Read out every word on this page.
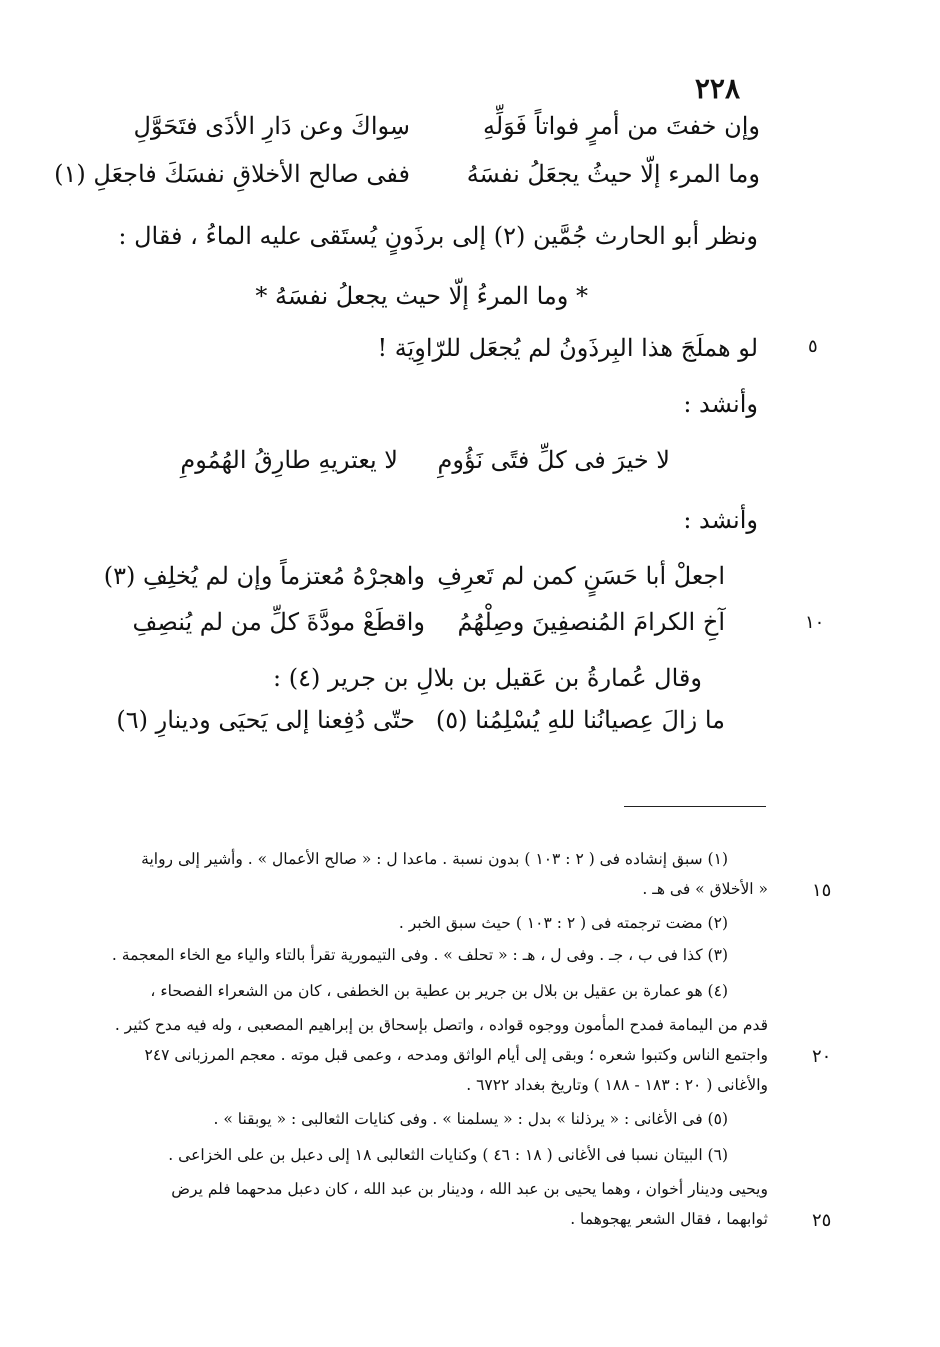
٢٢٨
وإن خفتَ من أمرٍ فواتاً فَوَلِّهِ
سِواكَ وعن دَارِ الأذَى فتَحَوَّلِ
وما المرء إلّا حيثُ يجعَلُ نفسَهُ
ففى صالح الأخلاقِ نفسَكَ فاجعَلِ (١)
ونظر أبو الحارث جُمَّين (٢) إلى برذَونٍ يُستَقى عليه الماءُ ، فقال :
* وما المرءُ إلّا حيث يجعلُ نفسَهُ *
٥
لو هملَجَ هذا البِرذَونُ لم يُجعَل للرّاوِيَة !
وأنشد :
لا خيرَ فى كلِّ فتًى نَؤُومِ
لا يعتريهِ طارِقُ الهُمُومِ
وأنشد :
اجعلْ أبا حَسَنٍ كمن لم تَعرِفِ
واهجرْهُ مُعتزماً وإن لم يُخلِفِ (٣)
١٠
آخِ الكرامَ المُنصفِينَ وصِلْهُمُ
واقطَعْ مودَّةَ كلِّ من لم يُنصِفِ
وقال عُمارةُ بن عَقيل بن بلالِ بن جرير (٤) :
ما زالَ عِصيانُنا للهِ يُسْلِمُنا (٥)
حتّى دُفِعنا إلى يَحيَى ودينارِ (٦)
(١) سبق إنشاده فى ( ٢ : ١٠٣ ) بدون نسبة . ماعدا ل : « صالح الأعمال » . وأشير إلى رواية
١٥
« الأخلاق » فى هـ .
(٢) مضت ترجمته فى ( ٢ : ١٠٣ ) حيث سبق الخبر .
(٣) كذا فى ب ، جـ . وفى ل ، هـ : « تحلف » . وفى التيمورية تقرأ بالتاء والياء مع الخاء المعجمة .
(٤) هو عمارة بن عقيل بن بلال بن جرير بن عطية بن الخطفى ، كان من الشعراء الفصحاء ،
قدم من اليمامة فمدح المأمون ووجوه قواده ، واتصل بإسحاق بن إبراهيم المصعبى ، وله فيه مدح كثير .
٢٠
واجتمع الناس وكتبوا شعره ؛ وبقى إلى أيام الواثق ومدحه ، وعمى قبل موته . معجم المرزبانى ٢٤٧
والأغانى ( ٢٠ : ١٨٣ - ١٨٨ ) وتاريخ بغداد ٦٧٢٢ .
(٥) فى الأغانى : « يرذلنا » بدل : « يسلمنا » . وفى كنايات الثعالبى : « يوبقنا » .
(٦) البيتان نسبا فى الأغانى ( ١٨ : ٤٦ ) وكنايات الثعالبى ١٨ إلى دعبل بن على الخزاعى .
ويحيى ودينار أخوان ، وهما يحيى بن عبد الله ، ودينار بن عبد الله ، كان دعبل مدحهما فلم يرض
٢٥
ثوابهما ، فقال الشعر يهجوهما .
